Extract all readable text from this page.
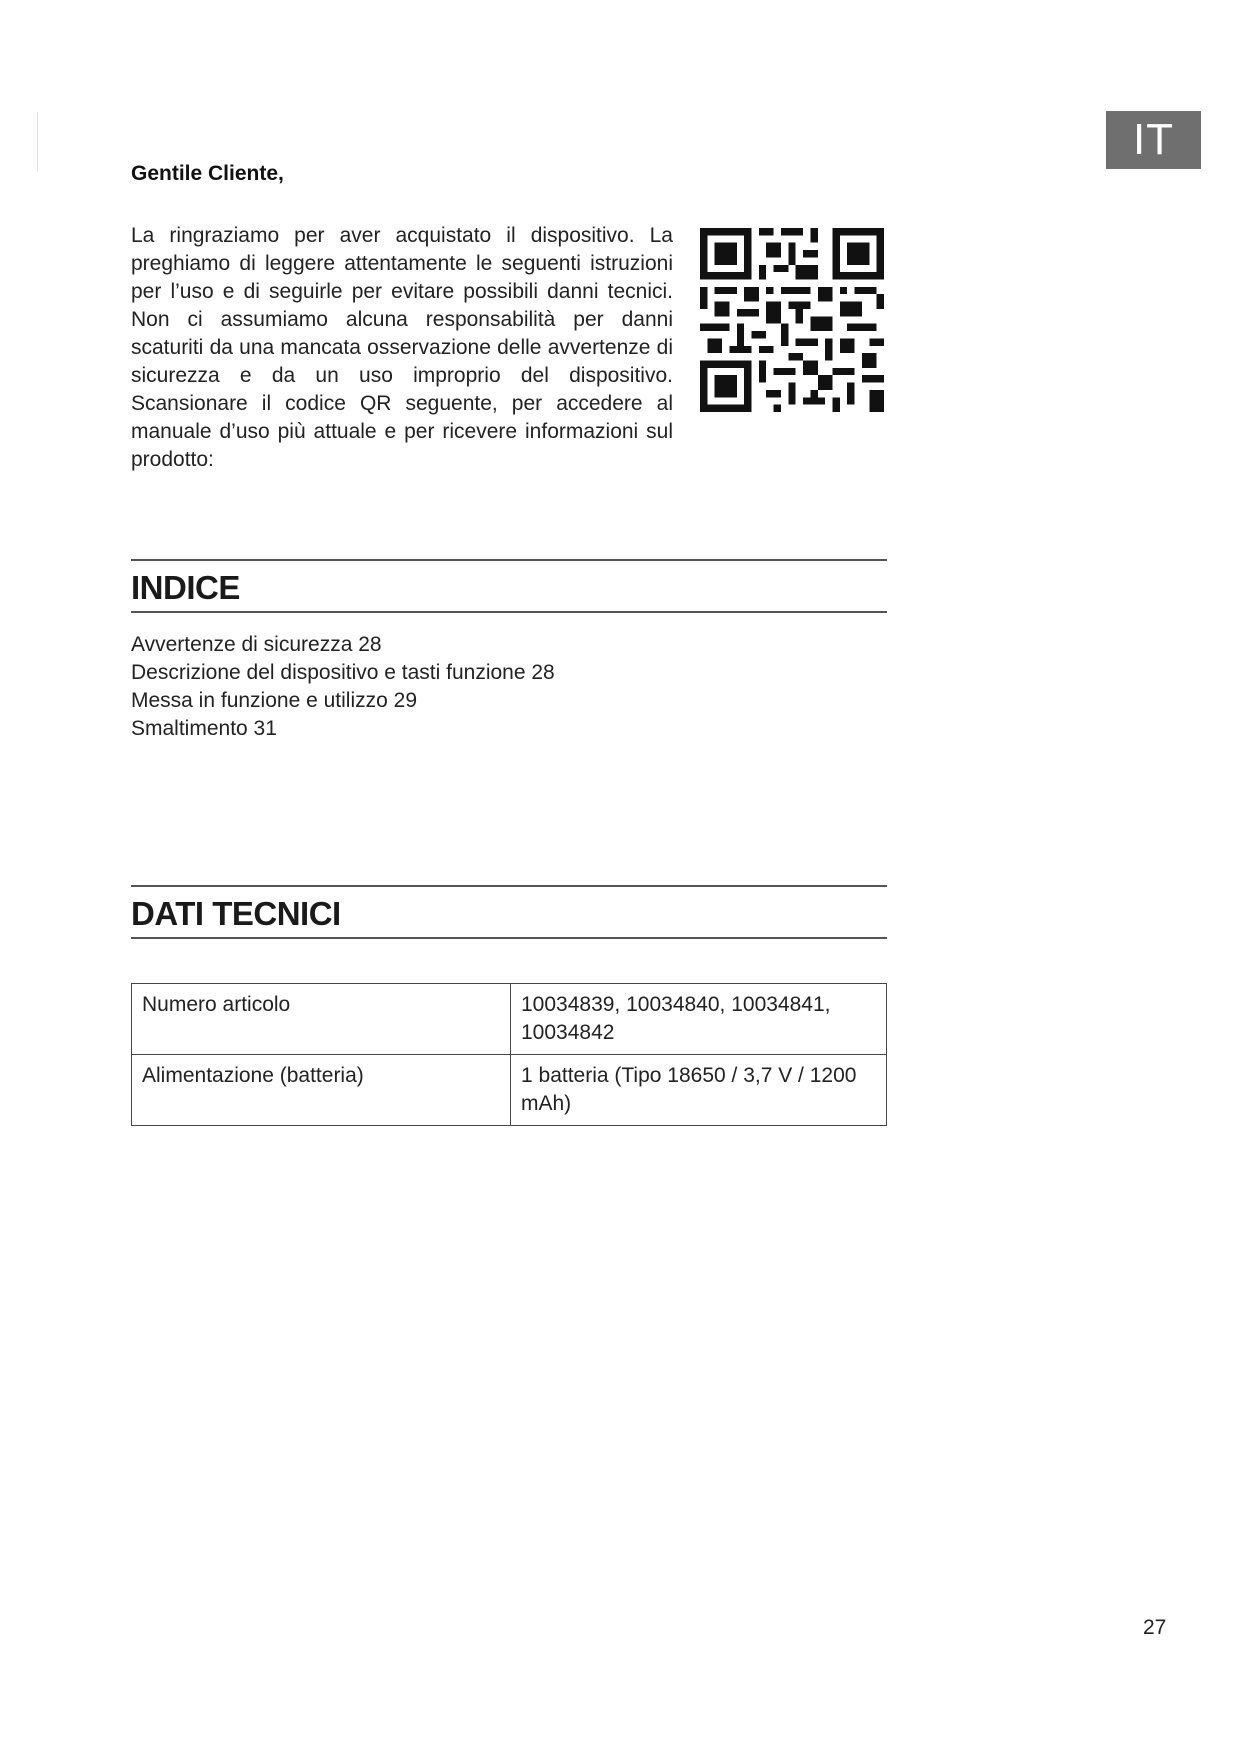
IT
Gentile Cliente,
La ringraziamo per aver acquistato il dispositivo. La preghiamo di leggere attentamente le seguenti istruzioni per l’uso e di seguirle per evitare possibili danni tecnici. Non ci assumiamo alcuna responsabilità per danni scaturiti da una mancata osservazione delle avvertenze di sicurezza e da un uso improprio del dispositivo. Scansionare il codice QR seguente, per accedere al manuale d’uso più attuale e per ricevere informazioni sul prodotto:
INDICE
Avvertenze di sicurezza 28
Descrizione del dispositivo e tasti funzione 28
Messa in funzione e utilizzo 29
Smaltimento 31
DATI TECNICI
Numero articolo	10034839, 10034840, 10034841, 10034842
Alimentazione (batteria)	1 batteria (Tipo 18650 / 3,7 V / 1200 mAh)
27
